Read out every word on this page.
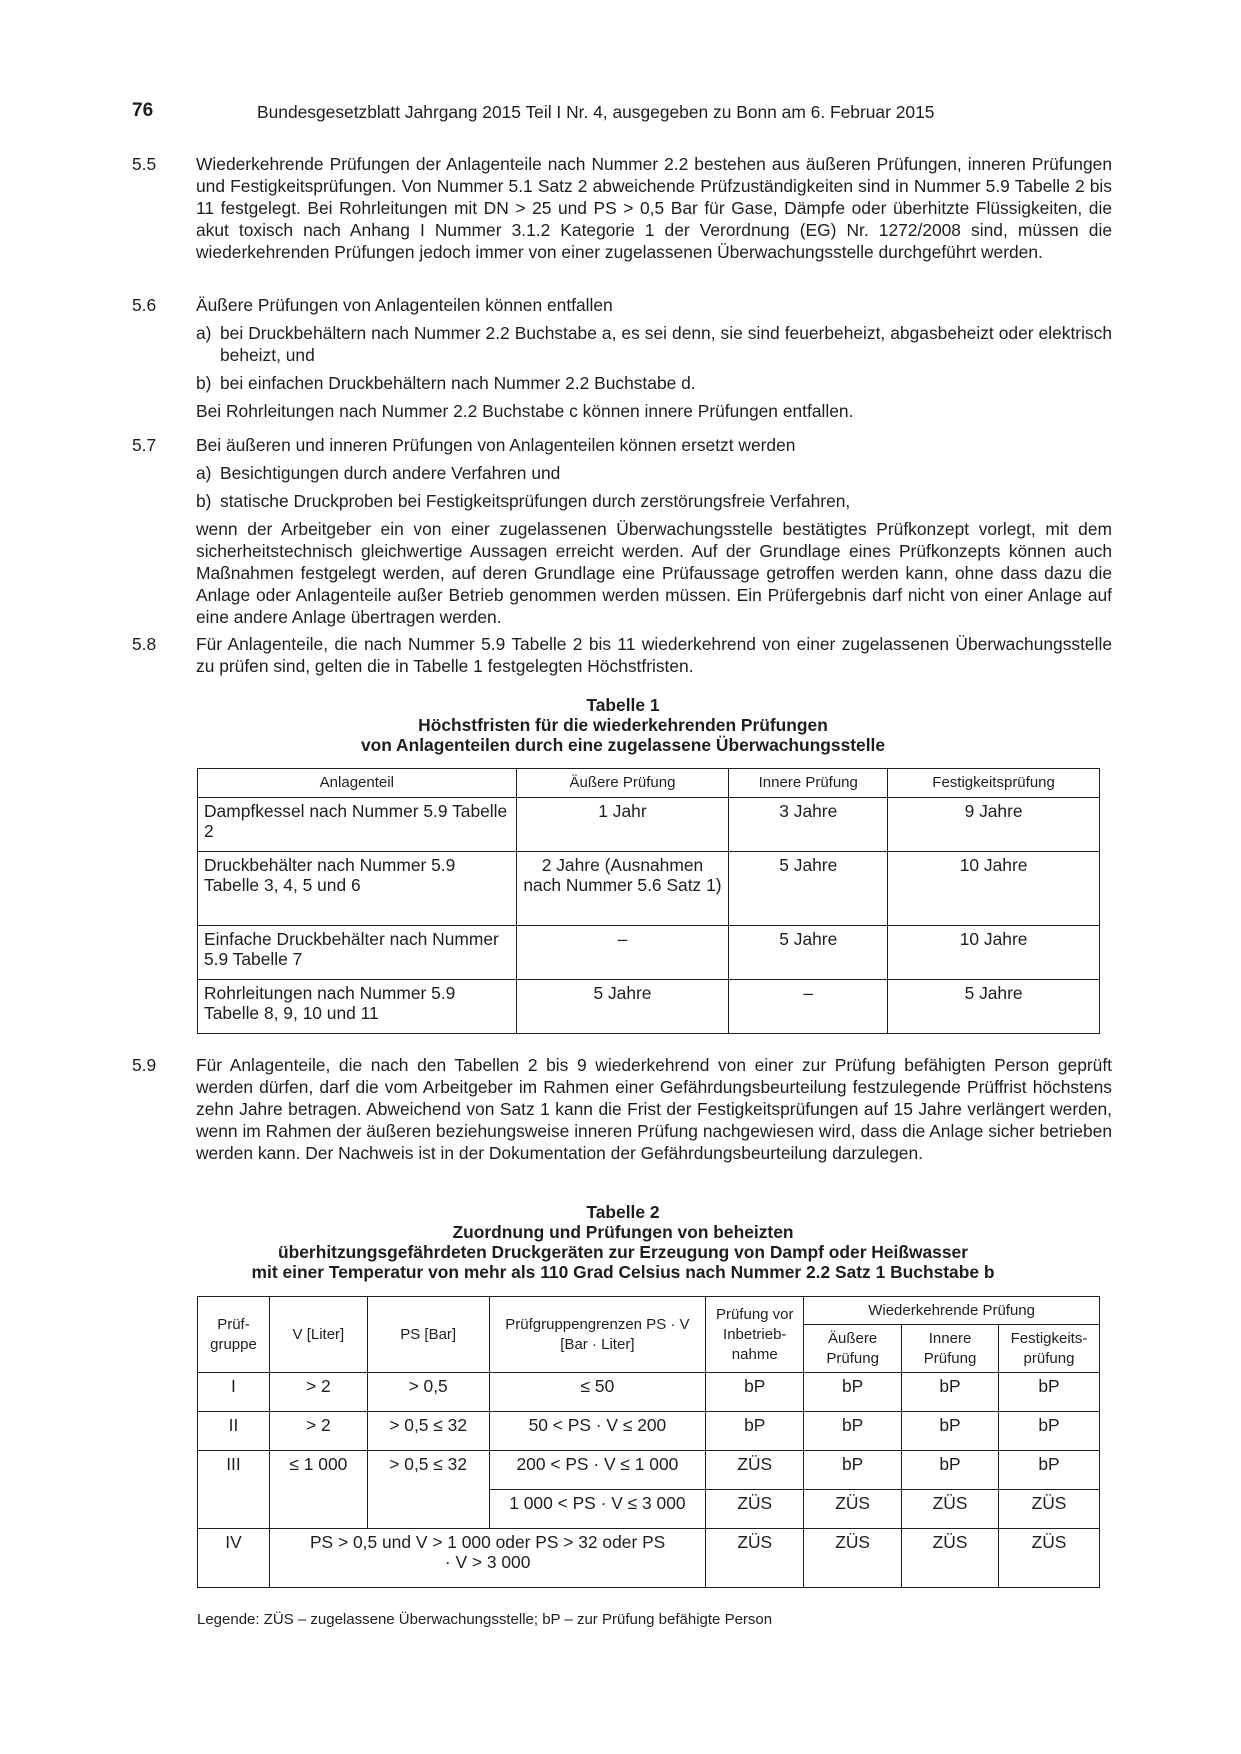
76	Bundesgesetzblatt Jahrgang 2015 Teil I Nr. 4, ausgegeben zu Bonn am 6. Februar 2015
5.5 Wiederkehrende Prüfungen der Anlagenteile nach Nummer 2.2 bestehen aus äußeren Prüfungen, inneren Prüfungen und Festigkeitsprüfungen. Von Nummer 5.1 Satz 2 abweichende Prüfzuständigkeiten sind in Nummer 5.9 Tabelle 2 bis 11 festgelegt. Bei Rohrleitungen mit DN > 25 und PS > 0,5 Bar für Gase, Dämpfe oder überhitzte Flüssigkeiten, die akut toxisch nach Anhang I Nummer 3.1.2 Kategorie 1 der Verordnung (EG) Nr. 1272/2008 sind, müssen die wiederkehrenden Prüfungen jedoch immer von einer zugelassenen Überwachungsstelle durchgeführt werden.

5.6 Äußere Prüfungen von Anlagenteilen können entfallen

a) bei Druckbehältern nach Nummer 2.2 Buchstabe a, es sei denn, sie sind feuerbeheizt, abgasbeheizt oder elektrisch beheizt, und
b) bei einfachen Druckbehältern nach Nummer 2.2 Buchstabe d.

Bei Rohrleitungen nach Nummer 2.2 Buchstabe c können innere Prüfungen entfallen.

5.7 Bei äußeren und inneren Prüfungen von Anlagenteilen können ersetzt werden

a) Besichtigungen durch andere Verfahren und
b) statische Druckproben bei Festigkeitsprüfungen durch zerstörungsfreie Verfahren,

wenn der Arbeitgeber ein von einer zugelassenen Überwachungsstelle bestätigtes Prüfkonzept vorlegt, mit dem sicherheitstechnisch gleichwertige Aussagen erreicht werden. Auf der Grundlage eines Prüfkonzepts können auch Maßnahmen festgelegt werden, auf deren Grundlage eine Prüfaussage getroffen werden kann, ohne dass dazu die Anlage oder Anlagenteile außer Betrieb genommen werden müssen. Ein Prüfergebnis darf nicht von einer Anlage auf eine andere Anlage übertragen werden.

5.8 Für Anlagenteile, die nach Nummer 5.9 Tabelle 2 bis 11 wiederkehrend von einer zugelassenen Überwachungsstelle zu prüfen sind, gelten die in Tabelle 1 festgelegten Höchstfristen.

Tabelle 1
Höchstfristen für die wiederkehrenden Prüfungen
von Anlagenteilen durch eine zugelassene Überwachungsstelle
Anlagenteil	Äußere Prüfung	Innere Prüfung	Festigkeitsprüfung
Dampfkessel nach Nummer 5.9 Tabelle 2	1 Jahr	3 Jahre	9 Jahre
Druckbehälter nach Nummer 5.9 Tabelle 3, 4, 5 und 6	2 Jahre (Ausnahmen nach Nummer 5.6 Satz 1)	5 Jahre	10 Jahre
Einfache Druckbehälter nach Nummer 5.9 Tabelle 7	–	5 Jahre	10 Jahre
Rohrleitungen nach Nummer 5.9 Tabelle 8, 9, 10 und 11	5 Jahre	–	5 Jahre
5.9 Für Anlagenteile, die nach den Tabellen 2 bis 9 wiederkehrend von einer zur Prüfung befähigten Person geprüft werden dürfen, darf die vom Arbeitgeber im Rahmen einer Gefährdungsbeurteilung festzulegende Prüffrist höchstens zehn Jahre betragen. Abweichend von Satz 1 kann die Frist der Festigkeitsprüfungen auf 15 Jahre verlängert werden, wenn im Rahmen der äußeren beziehungsweise inneren Prüfung nachgewiesen wird, dass die Anlage sicher betrieben werden kann. Der Nachweis ist in der Dokumentation der Gefährdungsbeurteilung darzulegen.

Tabelle 2
Zuordnung und Prüfungen von beheizten
überhitzungsgefährdeten Druckgeräten zur Erzeugung von Dampf oder Heißwasser
mit einer Temperatur von mehr als 110 Grad Celsius nach Nummer 2.2 Satz 1 Buchstabe b
Prüfgruppe	V [Liter]	PS [Bar]	Prüfgruppengrenzen PS · V [Bar · Liter]	Prüfung vor Inbetriebnahme	Wiederkehrende Prüfung		
					Äußere Prüfung	Innere Prüfung	Festigkeitsprüfung
I	> 2	> 0,5	≤ 50	bP	bP	bP	bP
II	> 2	> 0,5 ≤ 32	50 < PS · V ≤ 200	bP	bP	bP	bP
III	≤ 1 000	> 0,5 ≤ 32	200 < PS · V ≤ 1 000	ZÜS	bP	bP	bP
			1 000 < PS · V ≤ 3 000	ZÜS	ZÜS	ZÜS	ZÜS
IV	PS > 0,5 und V > 1 000 oder PS > 32 oder PS · V > 3 000			ZÜS	ZÜS	ZÜS	ZÜS
Legende: ZÜS – zugelassene Überwachungsstelle; bP – zur Prüfung befähigte Person
